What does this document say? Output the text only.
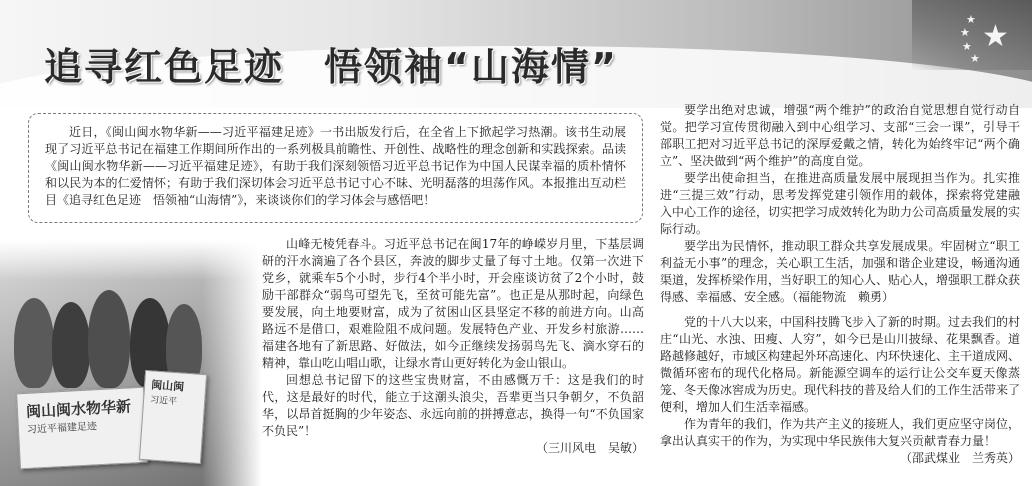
★
★
★
★
★
追寻红色足迹　悟领袖“山海情”

近日，《闽山闽水物华新——习近平福建足迹》一书出版发行后，在全省上下掀起学习热潮。该书生动展现了习近平总书记在福建工作期间所作出的一系列极具前瞻性、开创性、战略性的理念创新和实践探索。品读《闽山闽水物华新——习近平福建足迹》，有助于我们深刻领悟习近平总书记作为中国人民谋幸福的质朴情怀和以民为本的仁爱情怀；有助于我们深切体会习近平总书记寸心不昧、光明磊落的坦荡作风。本报推出互动栏目《追寻红色足迹　悟领袖“山海情”》，来谈谈你们的学习体会与感悟吧！

闽山闽水物华新
习近平福建足迹
闽山闽
习近平

山峰无棱凭春斗。习近平总书记在闽17年的峥嵘岁月里，下基层调研的汗水滴遍了各个县区，奔波的脚步丈量了每寸土地。仅第一次进下党乡，就乘车5个小时，步行4个半小时，开会座谈访贫了2个小时，鼓励干部群众“弱鸟可望先飞，至贫可能先富”。也正是从那时起，向绿色要发展，向土地要财富，成为了贫困山区县坚定不移的前进方向。山高路远不是借口，艰难险阻不成问题。发展特色产业、开发乡村旅游……福建各地有了新思路、好做法，如今正继续发扬弱鸟先飞、滴水穿石的精神，靠山吃山唱山歌，让绿水青山更好转化为金山银山。

回想总书记留下的这些宝贵财富，不由感慨万千：这是我们的时代，这是最好的时代，能立于这潮头浪尖，吾辈更当只争朝夕，不负韶华，以昂首挺胸的少年姿态、永远向前的拼搏意志，换得一句“不负国家不负民”！
（三川风电　吴敏）

要学出绝对忠诚，增强“两个维护”的政治自觉思想自觉行动自觉。把学习宣传贯彻融入到中心组学习、支部“三会一课”，引导干部职工把对习近平总书记的深厚爱戴之情，转化为始终牢记“两个确立”、坚决做到“两个维护”的高度自觉。

要学出使命担当，在推进高质量发展中展现担当作为。扎实推进“三提三效”行动，思考发挥党建引领作用的载体，探索将党建融入中心工作的途径，切实把学习成效转化为助力公司高质量发展的实际行动。

要学出为民情怀，推动职工群众共享发展成果。牢固树立“职工利益无小事”的理念，关心职工生活，加强和谐企业建设，畅通沟通渠道，发挥桥梁作用，当好职工的知心人、贴心人，增强职工群众获得感、幸福感、安全感。（福能物流　赖勇）

党的十八大以来，中国科技腾飞步入了新的时期。过去我们的村庄“山光、水浊、田瘦、人穷”，如今已是山川披绿、花果飘香。道路越修越好，市域区构建起外环高速化、内环快速化、主干道成网、微循环密布的现代化格局。新能源空调车的运行让公交车夏天像蒸笼、冬天像冰窖成为历史。现代科技的普及给人们的工作生活带来了便利，增加人们生活幸福感。

作为青年的我们，作为共产主义的接班人，我们更应坚守岗位，拿出认真实干的作为，为实现中华民族伟大复兴贡献青春力量！
（邵武煤业　兰秀英）
